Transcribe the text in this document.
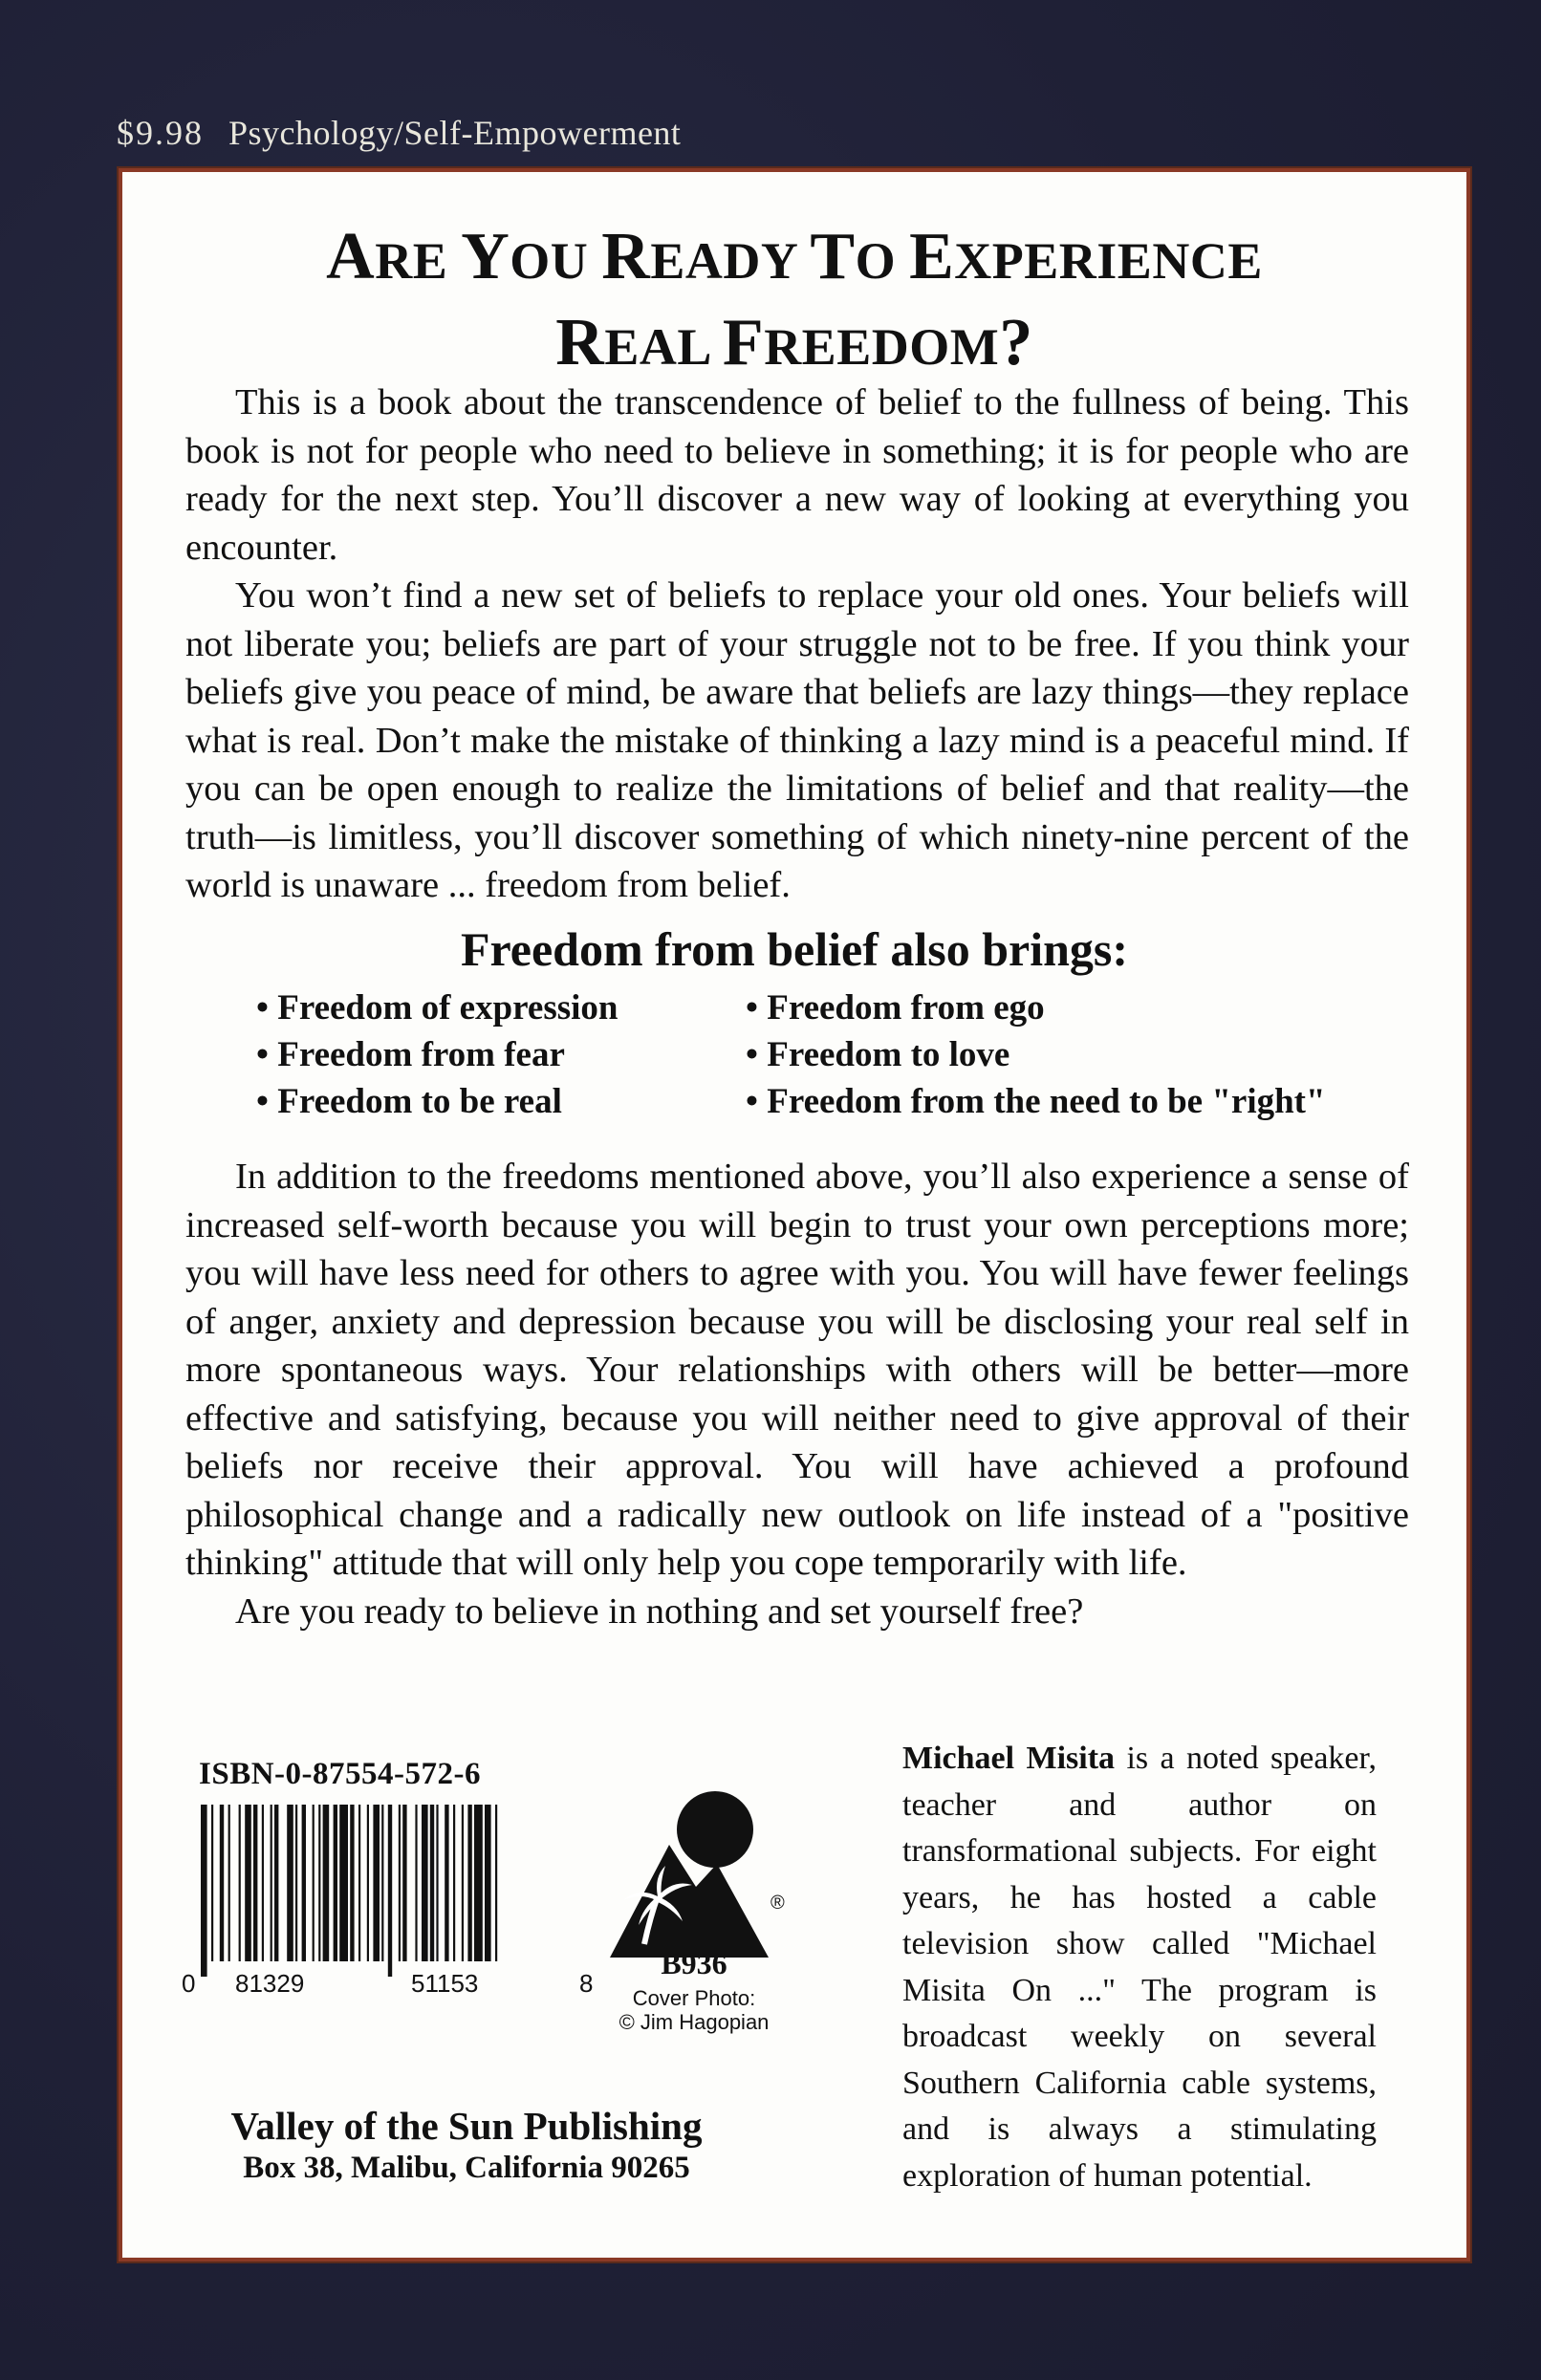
$9.98 Psychology/Self-Empowerment
ARE YOU READY TO EXPERIENCE
REAL FREEDOM?

This is a book about the transcendence of belief to the fullness of being. This book is not for people who need to believe in something; it is for people who are ready for the next step. You’ll discover a new way of looking at everything you encounter.

You won’t find a new set of beliefs to replace your old ones. Your beliefs will not liberate you; beliefs are part of your struggle not to be free. If you think your beliefs give you peace of mind, be aware that beliefs are lazy things—they replace what is real. Don’t make the mistake of thinking a lazy mind is a peaceful mind. If you can be open enough to realize the limitations of belief and that reality—the truth—is limitless, you’ll discover something of which ninety-nine percent of the world is unaware ... freedom from belief.

Freedom from belief also brings:
• Freedom of expression	• Freedom from ego
• Freedom from fear	• Freedom to love
• Freedom to be real	• Freedom from the need to be "right"

In addition to the freedoms mentioned above, you’ll also experience a sense of increased self-worth because you will begin to trust your own perceptions more; you will have less need for others to agree with you. You will have fewer feelings of anger, anxiety and depression because you will be disclosing your real self in more spontaneous ways. Your relationships with others will be better—more effective and satisfying, because you will neither need to give approval of their beliefs nor receive their approval. You will have achieved a profound philosophical change and a radically new outlook on life instead of a "positive thinking" attitude that will only help you cope temporarily with life.

Are you ready to believe in nothing and set yourself free?

ISBN-0-87554-572-6
0 81329	51153	8
®
B936
Cover Photo:
© Jim Hagopian
Valley of the Sun Publishing
Box 38, Malibu, California 90265
Michael Misita is a noted speaker, teacher and author on transformational subjects. For eight years, he has hosted a cable television show called "Michael Misita On ..." The program is broadcast weekly on several Southern California cable systems, and is always a stimulating exploration of human potential.
